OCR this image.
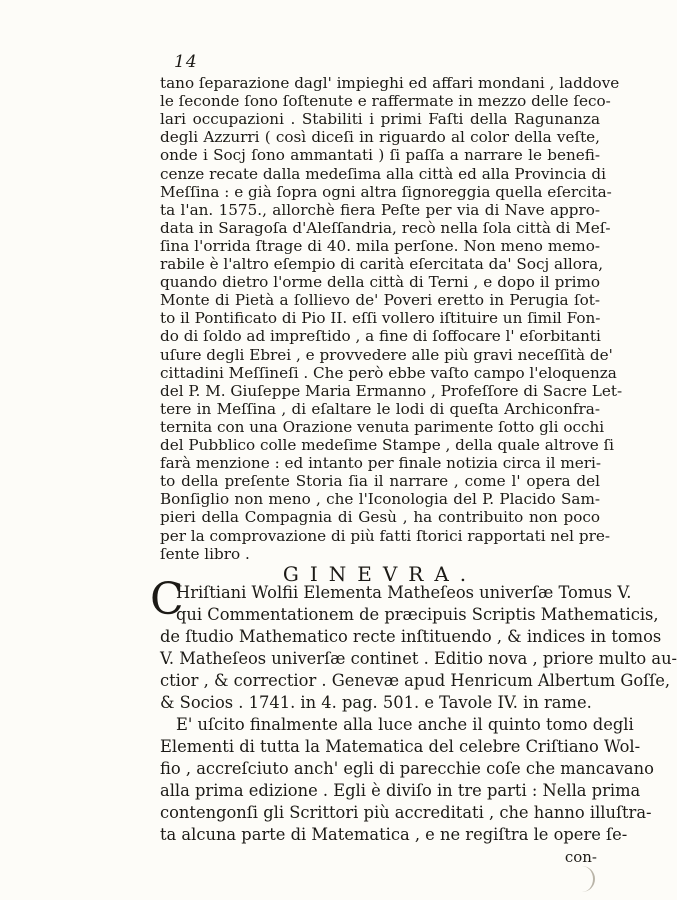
14
tano ſeparazione dagl' impieghi ed affari mondani , laddove
le ſeconde ſono ſoſtenute e raffermate in mezzo delle ſeco-
lari occupazioni . Stabiliti i primi Faſti della Ragunanza
degli Azzurri ( così diceſi in riguardo al color della veſte,
onde i Socj ſono ammantati ) ſi paſſa a narrare le benefi-
cenze recate dalla medeſima alla città ed alla Provincia di
Meſſina : e già ſopra ogni altra ſignoreggia quella eſercita-
ta l'an. 1575., allorchè fiera Peſte per via di Nave appro-
data in Saragoſa d'Aleſſandria, recò nella ſola città di Meſ-
ſina l'orrida ſtrage di 40. mila perſone. Non meno memo-
rabile è l'altro eſempio di carità eſercitata da' Socj allora,
quando dietro l'orme della città di Terni , e dopo il primo
Monte di Pietà a ſollievo de' Poveri eretto in Perugia ſot-
to il Pontificato di Pio II. eſſi vollero iſtituire un ſimil Fon-
do di ſoldo ad impreſtido , a fine di ſoffocare l' eſorbitanti
uſure degli Ebrei , e provvedere alle più gravi neceſſità de'
cittadini Meſſineſi . Che però ebbe vaſto campo l'eloquenza
del P. M. Giuſeppe Maria Ermanno , Profeſſore di Sacre Let-
tere in Meſſina , di eſaltare le lodi di queſta Archiconfra-
ternita con una Orazione venuta parimente ſotto gli occhi
del Pubblico colle medeſime Stampe , della quale altrove ſi
farà menzione : ed intanto per finale notizia circa il meri-
to della preſente Storia ſia il narrare , come l' opera del
Bonſiglio non meno , che l'Iconologia del P. Placido Sam-
pieri della Compagnia di Gesù , ha contribuito non poco
per la comprovazione di più fatti ſtorici rapportati nel pre-
ſente libro .
GINEVRA.
C
Hriſtiani Wolfii Elementa Matheſeos univerſæ Tomus V.
qui Commentationem de præcipuis Scriptis Mathematicis,
de ſtudio Mathematico recte inſtituendo , & indices in tomos
V. Matheſeos univerſæ continet . Editio nova , priore multo au-
ctior , & correctior . Genevæ apud Henricum Albertum Goſſe,
& Socios . 1741. in 4. pag. 501. e Tavole IV. in rame.
E' uſcito finalmente alla luce anche il quinto tomo degli
Elementi di tutta la Matematica del celebre Criſtiano Wol-
fio , accreſciuto anch' egli di parecchie coſe che mancavano
alla prima edizione . Egli è diviſo in tre parti : Nella prima
contengonſi gli Scrittori più accreditati , che hanno illuſtra-
ta alcuna parte di Matematica , e ne regiſtra le opere ſe-
con-
